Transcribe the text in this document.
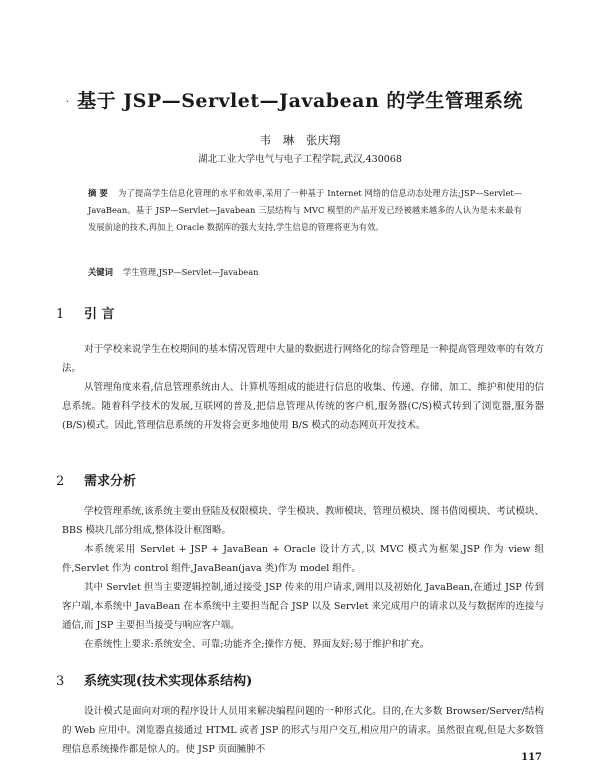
· 基于 JSP—Servlet—Javabean 的学生管理系统
韦 琳 张庆翔
湖北工业大学电气与电子工程学院,武汉,430068
摘 要 为了提高学生信息化管理的水平和效率,采用了一种基于 Internet 网络的信息动态处理方法;JSP—Servlet—JavaBean。基于 JSP—Servlet—Javabean 三层结构与 MVC 模型的产品开发已经被越来越多的人认为是未来最有发展前途的技术,再加上 Oracle 数据库的强大支持,学生信息的管理将更为有效。
关键词 学生管理,JSP—Servlet—Javabean
1 引 言
对于学校来说学生在校期间的基本情况管理中大量的数据进行网络化的综合管理是一种提高管理效率的有效方法。
从管理角度来看,信息管理系统由人、计算机等组成的能进行信息的收集、传递、存储、加工、维护和使用的信息系统。随着科学技术的发展,互联网的普及,把信息管理从传统的客户机,服务器(C/S)模式转到了浏览器,服务器(B/S)模式。因此,管理信息系统的开发将会更多地使用 B/S 模式的动态网页开发技术。
2 需求分析
学校管理系统,该系统主要由登陆及权限模块、学生模块、教师模块、管理员模块、图书借阅模块、考试模块、BBS 模块几部分组成,整体设计框图略。
本系统采用 Servlet + JSP + JavaBean + Oracle 设计方式,以 MVC 模式为框架,JSP 作为 view 组件,Servlet 作为 control 组件,JavaBean(java 类)作为 model 组件。
其中 Servlet 担当主要逻辑控制,通过接受 JSP 传来的用户请求,调用以及初始化 JavaBean,在通过 JSP 传到客户端,本系统中 JavaBean 在本系统中主要担当配合 JSP 以及 Servlet 来完成用户的请求以及与数据库的连接与通信,而 JSP 主要担当接受与响应客户端。
在系统性上要求:系统安全、可靠;功能齐全;操作方便、界面友好;易于维护和扩充。
3 系统实现(技术实现体系结构)
设计模式是面向对项的程序设计人员用来解决编程问题的一种形式化。目的,在大多数 Browser/Server/结构的 Web 应用中。浏览器直接通过 HTML 或者 JSP 的形式与用户交互,相应用户的请求。虽然很直观,但是大多数管理信息系统操作都是惊人的。使 JSP 页面臃肿不
117
